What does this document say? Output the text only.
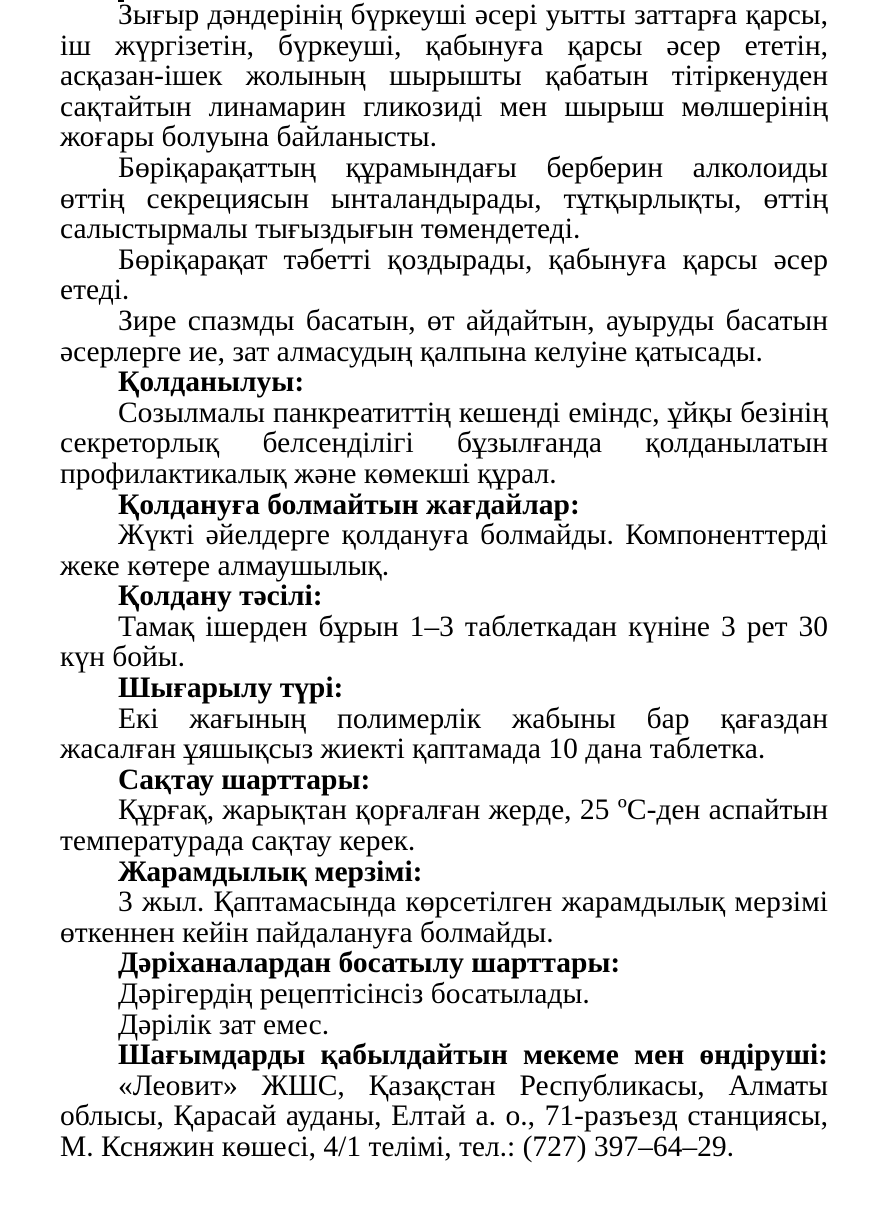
Зығыр дәндерінің бүркеуші әсері уытты заттарға қарсы, іш жүргізетін, бүркеуші, қабынуға қарсы әсер ететін, асқазан-ішек жолының шырышты қабатын тітіркенуден сақтайтын линамарин гликозиді мен шырыш мөлшерінің жоғары болуына байланысты.

Бөріқарақаттың құрамындағы берберин алколоиды өттің секрециясын ынталандырады, тұтқырлықты, өттің салыстырмалы тығыздығын төмендетеді.

Бөріқарақат тәбетті қоздырады, қабынуға қарсы әсер етеді.

Зире спазмды басатын, өт айдайтын, ауыруды басатын әсерлерге ие, зат алмасудың қалпына келуіне қатысады.

Қолданылуы:

Созылмалы панкреатиттің кешенді еміндс, ұйқы безінің секреторлық белсенділігі бұзылғанда қолданылатын профилактикалық және көмекші құрал.

Қолдануға болмайтын жағдайлар:

Жүкті әйелдерге қолдануға болмайды. Компоненттерді жеке көтере алмаушылық.

Қолдану тәсілі:

Тамақ ішерден бұрын 1–3 таблеткадан күніне 3 рет 30 күн бойы.

Шығарылу түрі:

Екі жағының полимерлік жабыны бар қағаздан жасалған ұяшықсыз жиекті қаптамада 10 дана таблетка.

Сақтау шарттары:

Құрғақ, жарықтан қорғалған жерде, 25 ºС-ден аспайтын температурада сақтау керек.

Жарамдылық мерзімі:

3 жыл. Қаптамасында көрсетілген жарамдылық мерзімі өткеннен кейін пайдалануға болмайды.

Дәріханалардан босатылу шарттары:

Дәрігердің рецептісінсіз босатылады.

Дәрілік зат емес.

Шағымдарды қабылдайтын мекеме мен өндіруші:

«Леовит» ЖШС, Қазақстан Республикасы, Алматы облысы, Қарасай ауданы, Елтай а. о., 71-разъезд станциясы, М. Ксняжин көшесі, 4/1 телімі, тел.: (727) 397–64–29.
